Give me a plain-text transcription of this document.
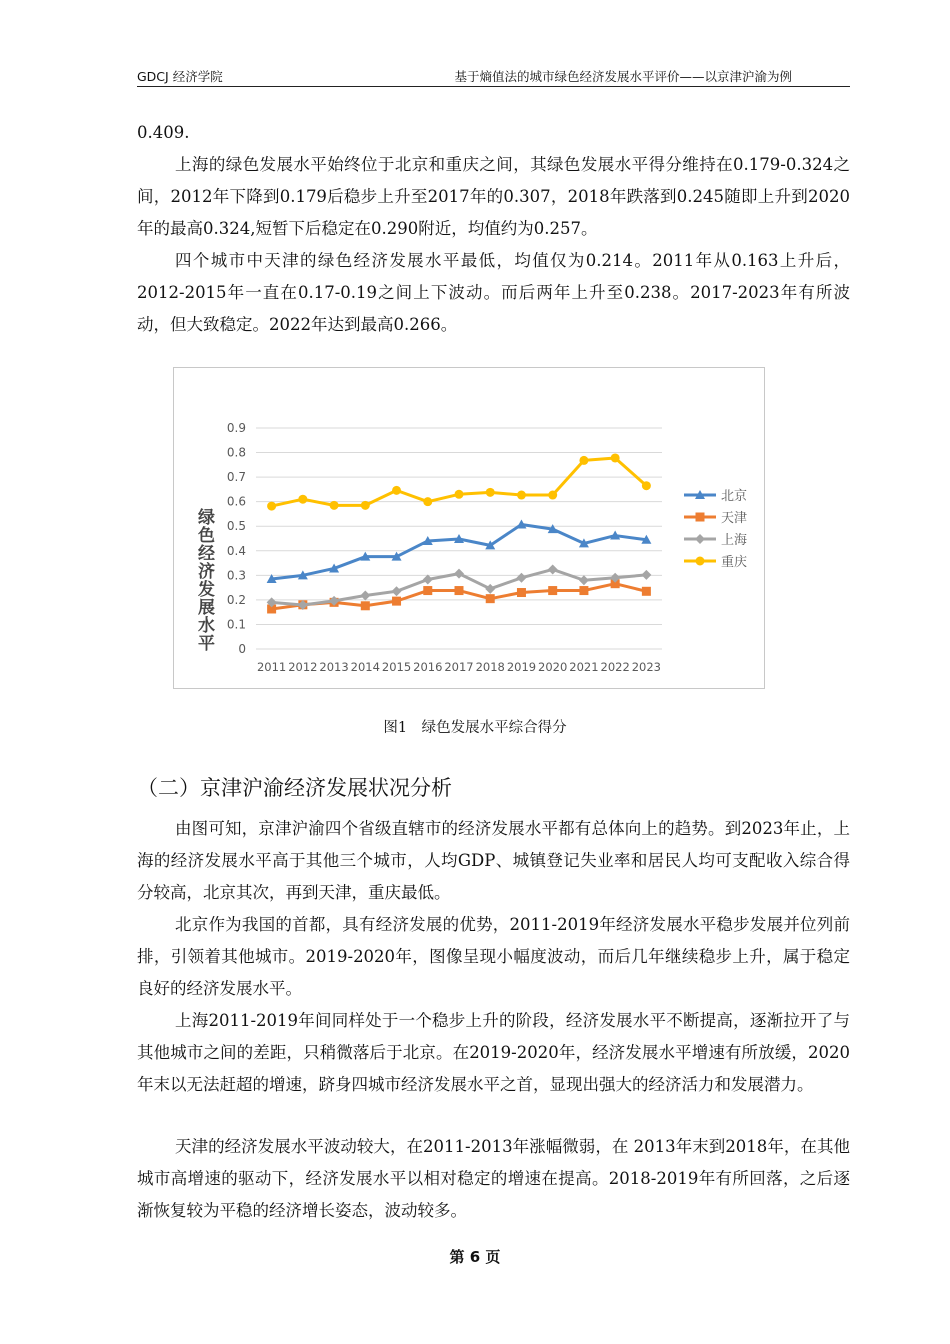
GDCJ 经济学院	基于熵值法的城市绿色经济发展水平评价——以京津沪渝为例
0.409.
上海的绿色发展水平始终位于北京和重庆之间，其绿色发展水平得分维持在0.179-0.324之间，2012年下降到0.179后稳步上升至2017年的0.307，2018年跌落到0.245随即上升到2020年的最高0.324,短暂下后稳定在0.290附近，均值约为0.257。
四个城市中天津的绿色经济发展水平最低，均值仅为0.214。2011年从0.163上升后，2012-2015年一直在0.17-0.19之间上下波动。而后两年上升至0.238。2017-2023年有所波动，但大致稳定。2022年达到最高0.266。
0
0.1
0.2
0.3
0.4
0.5
0.6
0.7
0.8
0.9
2011 2012 2013 2014 2015 2016 2017 2018 2019 2020 2021 2022 2023
北京
天津
上海
重庆
绿色经济发展水平
图1　绿色发展水平综合得分
（二）京津沪渝经济发展状况分析
由图可知，京津沪渝四个省级直辖市的经济发展水平都有总体向上的趋势。到2023年止，上海的经济发展水平高于其他三个城市，人均GDP、城镇登记失业率和居民人均可支配收入综合得分较高，北京其次，再到天津，重庆最低。
北京作为我国的首都，具有经济发展的优势，2011-2019年经济发展水平稳步发展并位列前排，引领着其他城市。2019-2020年，图像呈现小幅度波动，而后几年继续稳步上升，属于稳定良好的经济发展水平。
上海2011-2019年间同样处于一个稳步上升的阶段，经济发展水平不断提高，逐渐拉开了与其他城市之间的差距，只稍微落后于北京。在2019-2020年，经济发展水平增速有所放缓，2020年末以无法赶超的增速，跻身四城市经济发展水平之首，显现出强大的经济活力和发展潜力。
天津的经济发展水平波动较大，在2011-2013年涨幅微弱，在 2013年末到2018年，在其他城市高增速的驱动下，经济发展水平以相对稳定的增速在提高。2018-2019年有所回落，之后逐渐恢复较为平稳的经济增长姿态，波动较多。
第 6 页
